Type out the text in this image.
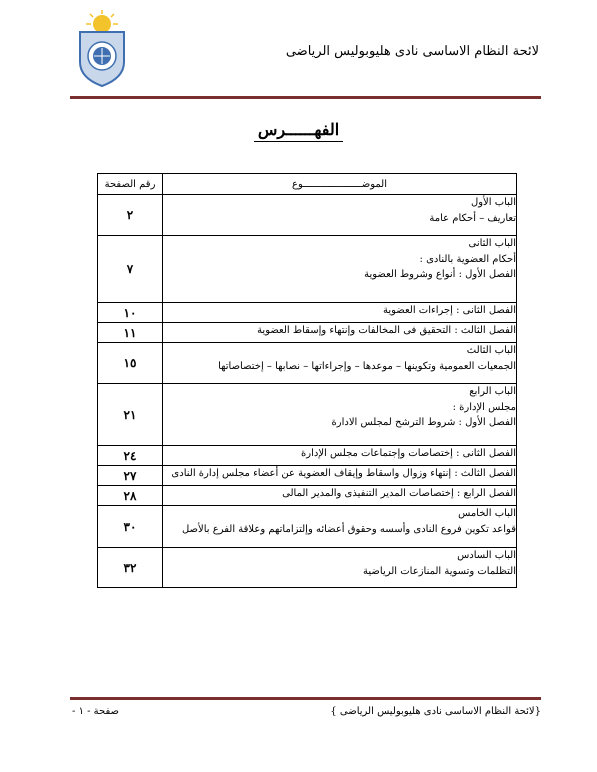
لائحة النظام الاساسى نادى هليوبوليس الرياضى
الفهــــــرس
الموضــــــــــــــــــــوع	رقم الصفحة

الباب الأول
تعاريف – أحكام عامة	٢

الباب الثانى
أحكام العضوية بالنادى :
الفصل الأول : أنواع وشروط العضوية	٧

الفصل الثانى : إجراءات العضوية	١٠

الفصل الثالث : التحقيق فى المخالفات وإنتهاء وإسقاط العضوية	١١

الباب الثالث
الجمعيات العمومية وتكوينها – موعدها – وإجراءاتها – نصابها – إختصاصاتها	١٥

الباب الرابع
مجلس الإدارة :
الفصل الأول : شروط الترشح لمجلس الادارة	٢١

الفصل الثانى : إختصاصات وإجتماعات مجلس الإدارة	٢٤

الفصل الثالث : إنتهاء وزوال واسقاط وإيقاف العضوية عن أعضاء مجلس إدارة النادى	٢٧

الفصل الرابع : إختصاصات المدير التنفيذى والمدير المالى	٢٨

الباب الخامس
قواعد تكوين فروع النادى وأسسه وحقوق أعضائه وإلتزاماتهم وعلاقة الفرع بالأصل	٣٠

الباب السادس
التظلمات وتسوية المنازعات الرياضية	٣٢
{لائحة النظام الاساسى نادى هليوبوليس الرياضى }
صفحة - ١ -
